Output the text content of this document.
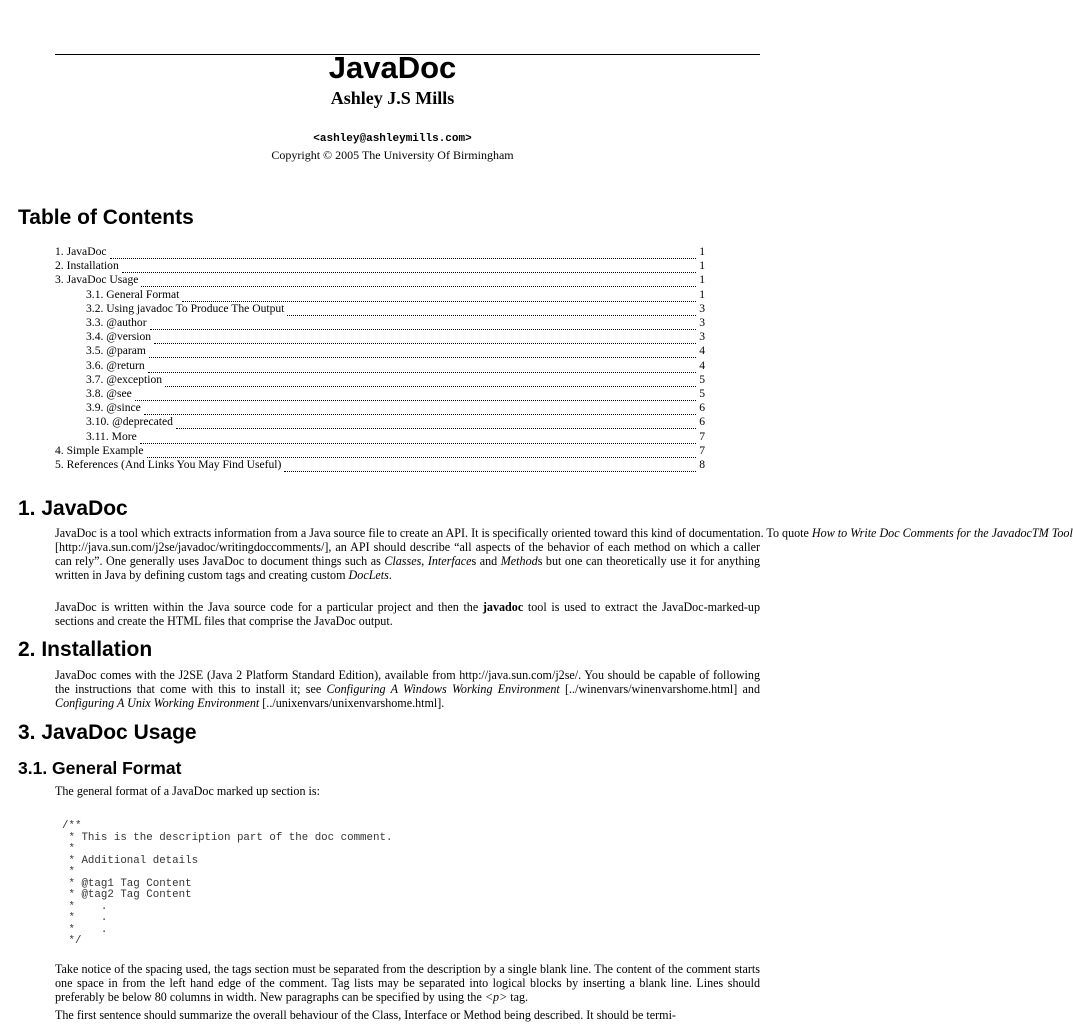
JavaDoc
Ashley J.S Mills
<ashley@ashleymills.com>
Copyright © 2005 The University Of Birmingham
Table of Contents
1. JavaDoc	1
2. Installation	1
3. JavaDoc Usage	1
3.1. General Format	1
3.2. Using javadoc To Produce The Output	3
3.3. @author	3
3.4. @version	3
3.5. @param	4
3.6. @return	4
3.7. @exception	5
3.8. @see	5
3.9. @since	6
3.10. @deprecated	6
3.11. More	7
4. Simple Example	7
5. References (And Links You May Find Useful)	8
1. JavaDoc
JavaDoc is a tool which extracts information from a Java source file to create an API. It is specifically oriented toward this kind of documentation. To quote How to Write Doc Comments for the JavadocTM Tool
[http://java.sun.com/j2se/javadoc/writingdoccomments/], an API should describe “all aspects of the behavior of each method on which a caller can rely”. One generally uses JavaDoc to document things such as Classes, Interfaces and Methods but one can theoretically use it for anything written in Java by defining custom tags and creating custom DocLets.
JavaDoc is written within the Java source code for a particular project and then the javadoc tool is used to extract the JavaDoc-marked-up sections and create the HTML files that comprise the JavaDoc output.
2. Installation
JavaDoc comes with the J2SE (Java 2 Platform Standard Edition), available from http://java.sun.com/j2se/. You should be capable of following the instructions that come with this to install it; see Configuring A Windows Working Environment [../winenvars/winenvarshome.html] and Configuring A Unix Working Environment [../unixenvars/unixenvarshome.html].
3. JavaDoc Usage
3.1. General Format
The general format of a JavaDoc marked up section is:
/**
* This is the description part of the doc comment.
*
* Additional details
*
* @tag1 Tag Content
* @tag2 Tag Content
*    .
*    .
*    .
*/
Take notice of the spacing used, the tags section must be separated from the description by a single blank line. The content of the comment starts one space in from the left hand edge of the comment. Tag lists may be separated into logical blocks by inserting a blank line. Lines should preferably be below 80 columns in width. New paragraphs can be specified by using the <p> tag.
The first sentence should summarize the overall behaviour of the Class, Interface or Method being described. It should be termi-
